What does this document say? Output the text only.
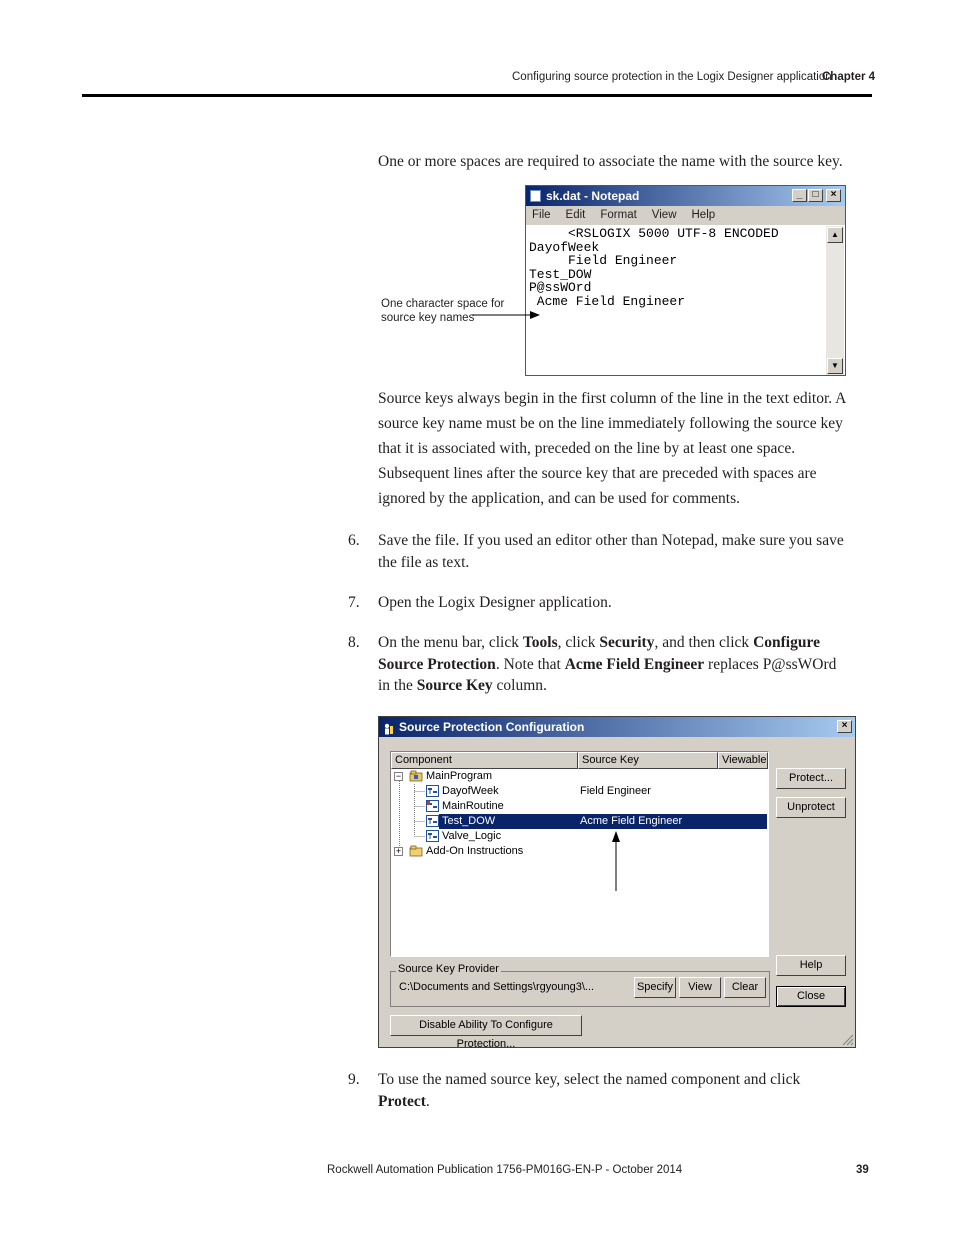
Configuring source protection in the Logix Designer application
Chapter 4
One or more spaces are required to associate the name with the source key.
sk.dat - Notepad	_	□	×
File Edit Format View Help
<RSLOGIX 5000 UTF-8 ENCODED
DayofWeek
Field Engineer
Test_DOW
P@ssWOrd
Acme Field Engineer
▲
▼
One character space for
source key names
Source keys always begin in the first column of the line in the text editor. A
source key name must be on the line immediately following the source key
that it is associated with, preceded on the line by at least one space.
Subsequent lines after the source key that are preceded with spaces are
ignored by the application, and can be used for comments.
6. Save the file. If you used an editor other than Notepad, make sure you save
the file as text.
7. Open the Logix Designer application.
8. On the menu bar, click Tools, click Security, and then click Configure
Source Protection. Note that Acme Field Engineer replaces P@ssWOrd
in the Source Key column.
Source Protection Configuration	×
Component	Source Key	Viewable
− MainProgram
DayofWeek	Field Engineer
MainRoutine
Test_DOW	Acme Field Engineer
Valve_Logic
+ Add-On Instructions
Protect...
Unprotect
Help
Close
Source Key Provider
C:\Documents and Settings\rgyoung3\...	Specify	View	Clear
Disable Ability To Configure Protection...
9. To use the named source key, select the named component and click
Protect.
Rockwell Automation Publication 1756-PM016G-EN-P - October 2014	39
